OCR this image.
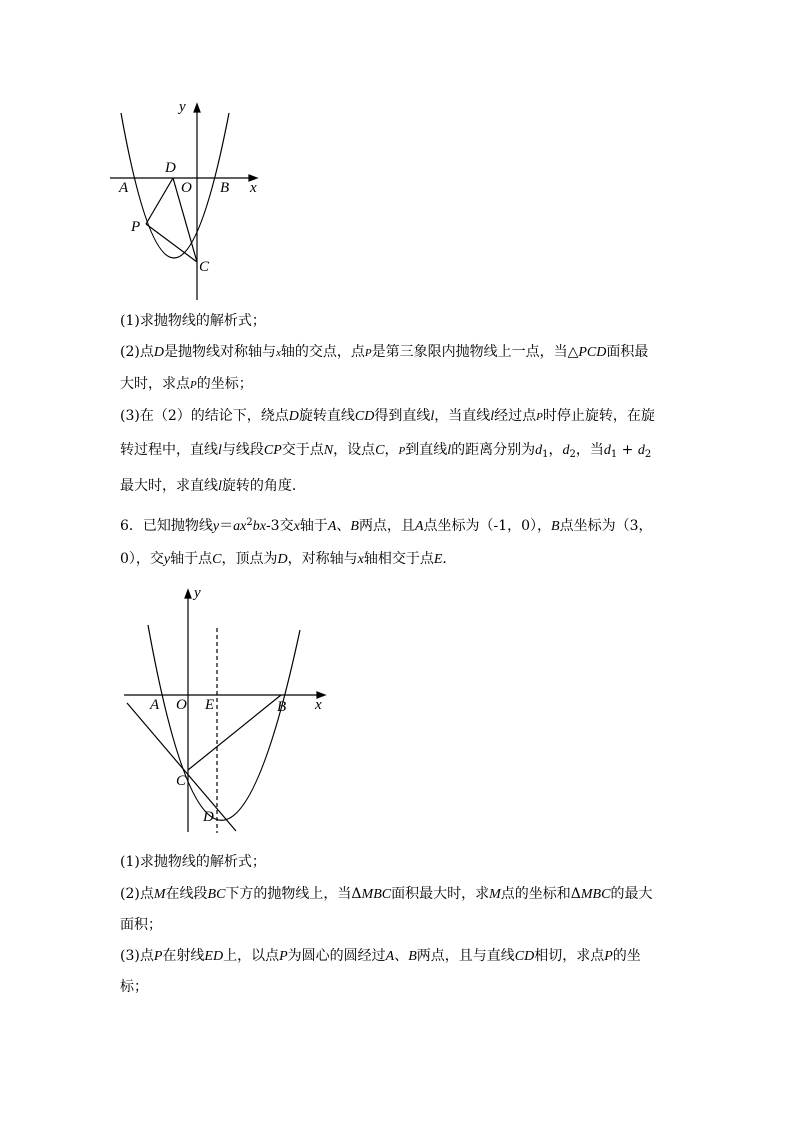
y
x
A	O B
D
P
C
(1)求抛物线的解析式；
(2)点D是抛物线对称轴与x轴的交点，点P是第三象限内抛物线上一点，当△PCD面积最
大时，求点P的坐标；
(3)在（2）的结论下，绕点D旋转直线CD得到直线l，当直线l经过点P时停止旋转，在旋
转过程中，直线l与线段CP交于点N，设点C，P到直线l的距离分别为$d_1$，$d_2$，当$d_1 + d_2$
最大时，求直线l旋转的角度．
6．已知抛物线$y=ax^2bx-3$交x轴于A、B两点，且A点坐标为（-1，0），B点坐标为（3，
0），交y轴于点C，顶点为D，对称轴与x轴相交于点E．
y
x
A O E	B
C
D
(1)求抛物线的解析式；
(2)点M在线段BC下方的抛物线上，当ΔMBC面积最大时，求M点的坐标和ΔMBC的最大
面积；
(3)点P在射线ED上，以点P为圆心的圆经过A、B两点，且与直线CD相切，求点P的坐
标；
